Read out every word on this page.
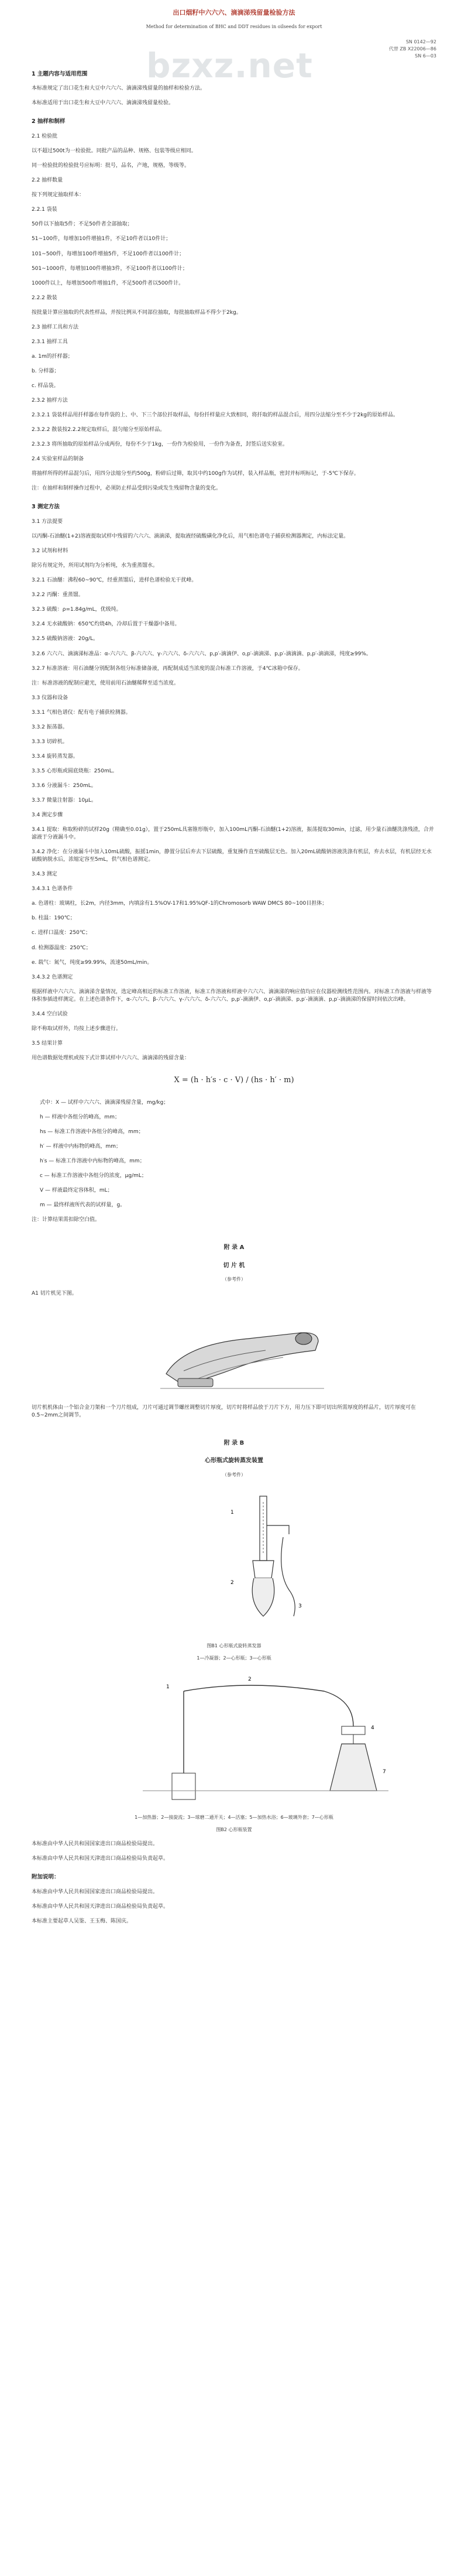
bzxz.net
出口烟籽中六六六、滴滴涕残留量检验方法
Method for determination of BHC and DDT residues in oilseeds for export
SN 0142—92
代替 ZB X22006—86
SN 6—03
1 主题内容与适用范围
本标准规定了出口花生和大豆中六六六、滴滴涕残留量的抽样和检验方法。
本标准适用于出口花生和大豆中六六六、滴滴涕残留量检验。
2 抽样和制样
2.1 检验批
以不超过500t为一检验批。同批产品的品种、规格、包装等级应相同。
同一检验批的检验批号应标明：批号，品名，产地，规格，等级等。
2.2 抽样数量
按下列规定抽取样本：
2.2.1 袋装
50件以下抽取5件；不足50件者全部抽取；
51~100件，每增加10件增抽1件，不足10件者以10件计；
101~500件，每增加100件增抽5件，不足100件者以100件计；
501~1000件，每增加100件增抽3件，不足100件者以100件计；
1000件以上，每增加500件增抽1件，不足500件者以500件计。
2.2.2 散装
按批量计算应抽取的代表性样品，并按比例从不同部位抽取，每批抽取样品不得少于2kg。
2.3 抽样工具和方法
2.3.1 抽样工具
a. 1m的扦样器；
b. 分样器；
c. 样品袋。
2.3.2 抽样方法
2.3.2.1 袋装样品用扦样器在每件袋的上、中、下三个部位扦取样品，每份扦样量应大致相同，将扦取的样品混合后，用四分法缩分至不少于2kg的原始样品。
2.3.2.2 散装按2.2.2规定取样后，混匀缩分至原始样品。
2.3.2.3 将所抽取的原始样品分成两份，每份不少于1kg，一份作为检验用，一份作为备查，封签后送实验室。
2.4 实验室样品的制备
将抽样所得的样品混匀后，用四分法缩分至约500g，粉碎后过筛，取其中约100g作为试样，装入样品瓶，密封并标明标记，于-5℃下保存。
注：在抽样和制样操作过程中，必须防止样品受到污染或发生残留物含量的变化。
3 测定方法
3.1 方法提要
以丙酮-石油醚(1+2)溶液提取试样中残留的六六六、滴滴涕，提取液经硫酸磺化净化后，用气相色谱电子捕获检测器测定，内标法定量。
3.2 试剂和材料
除另有规定外，所用试剂均为分析纯，水为重蒸馏水。
3.2.1 石油醚：沸程60~90℃，经重蒸馏后，进样色谱检验无干扰峰。
3.2.2 丙酮：重蒸馏。
3.2.3 硫酸：ρ=1.84g/mL，优级纯。
3.2.4 无水硫酸钠：650℃灼烧4h，冷却后置于干燥器中备用。
3.2.5 硫酸钠溶液：20g/L。
3.2.6 六六六、滴滴涕标准品：α-六六六、β-六六六、γ-六六六、δ-六六六、p,p′-滴滴伊、o,p′-滴滴涕、p,p′-滴滴滴、p,p′-滴滴涕，纯度≥99%。
3.2.7 标准溶液：用石油醚分别配制各组分标准储备液，再配制成适当浓度的混合标准工作溶液，于4℃冰箱中保存。
注：标准溶液的配制应避光，使用前用石油醚稀释至适当浓度。
3.3 仪器和设备
3.3.1 气相色谱仪：配有电子捕获检测器。
3.3.2 振荡器。
3.3.3 切碎机。
3.3.4 旋转蒸发器。
3.3.5 心形瓶或圆底烧瓶：250mL。
3.3.6 分液漏斗：250mL。
3.3.7 微量注射器：10μL。
3.4 测定步骤
3.4.1 提取：称取粉碎的试样20g（精确至0.01g），置于250mL具塞锥形瓶中，加入100mL丙酮-石油醚(1+2)溶液，振荡提取30min，过滤，用少量石油醚洗涤残渣，合并滤液于分液漏斗中。
3.4.2 净化：在分液漏斗中加入10mL硫酸，振摇1min，静置分层后弃去下层硫酸，重复操作直至硫酸层无色。加入20mL硫酸钠溶液洗涤有机层，弃去水层，有机层经无水硫酸钠脱水后，浓缩定容至5mL，供气相色谱测定。
3.4.3 测定
3.4.3.1 色谱条件
a. 色谱柱：玻璃柱，长2m，内径3mm，内填涂有1.5%OV-17和1.95%QF-1的Chromosorb WAW DMCS 80~100目担体；
b. 柱温：190℃；
c. 进样口温度：250℃；
d. 检测器温度：250℃；
e. 载气：氮气，纯度≥99.99%，流速50mL/min。
3.4.3.2 色谱测定
根据样液中六六六、滴滴涕含量情况，选定峰高相近的标准工作溶液，标准工作溶液和样液中六六六、滴滴涕的响应值均应在仪器检测线性范围内。对标准工作溶液与样液等体积参插进样测定。在上述色谱条件下，α-六六六、β-六六六、γ-六六六、δ-六六六、p,p′-滴滴伊、o,p′-滴滴涕、p,p′-滴滴滴、p,p′-滴滴涕的保留时间依次出峰。
3.4.4 空白试验
除不称取试样外，均按上述步骤进行。
3.5 结果计算
用色谱数据处理机或按下式计算试样中六六六、滴滴涕的残留含量：
X = (h · h′s · c · V) / (hs · h′ · m)
式中：X — 试样中六六六、滴滴涕残留含量，mg/kg；
h — 样液中各组分的峰高，mm；
hs — 标准工作溶液中各组分的峰高，mm；
h′ — 样液中内标物的峰高，mm；
h′s — 标准工作溶液中内标物的峰高，mm；
c — 标准工作溶液中各组分的浓度，μg/mL；
V — 样液最终定容体积，mL；
m — 最终样液所代表的试样量，g。
注：计算结果需扣除空白值。
附 录 A
切 片 机
（参考件）
A1 切片机见下图。
切片机机体由一个铝合金刀架和一个刀片组成，刀片可通过调节螺丝调整切片厚度，切片时将样品放于刀片下方，用力压下即可切出所需厚度的样品片，切片厚度可在0.5~2mm之间调节。
附 录 B
心形瓶式旋转蒸发装置
（参考件）
1
2
3
图B1 心形瓶式旋转蒸发器
1—冷凝器；2—心形瓶；3—心形瓶
1
2
4
7
1—加热器；2—接旋流；3—球磨二通开关；4—活塞；5—加热水浴；6—玻璃外套；7—心形瓶
图B2 心形瓶装置
本标准由中华人民共和国国家进出口商品检验局提出。
本标准由中华人民共和国天津进出口商品检验局负责起草。
附加说明：
本标准由中华人民共和国国家进出口商品检验局提出。
本标准由中华人民共和国天津进出口商品检验局负责起草。
本标准主要起草人吴鉴、王玉梅、陈国庆。
